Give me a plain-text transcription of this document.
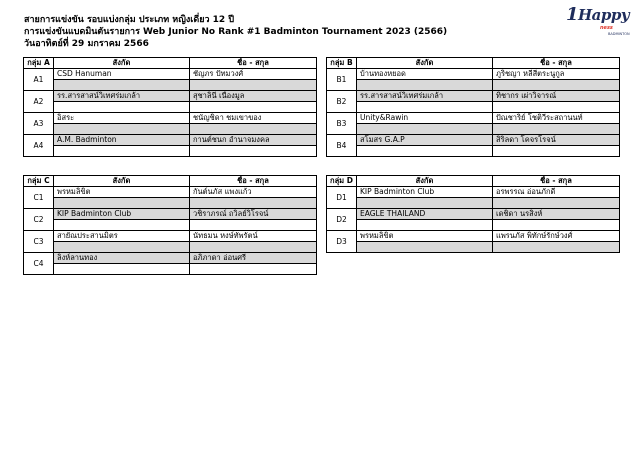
สายการแข่งขัน รอบแบ่งกลุ่ม ประเภท หญิงเดี่ยว 12 ปี
การแข่งขันแบดมินตันรายการ Web Junior No Rank #1 Badminton Tournament 2023 (2566)
วันอาทิตย์ที่ 29 มกราคม 2566
1 Happy
ness
BADMINTON
กลุ่ม A	สังกัด	ชื่อ - สกุล
A1	CSD Hanuman	ชัญภร ปัทมวงศ์

A2	รร.สารสาสน์วิเทศร่มเกล้า	สุชาลินี เนื่องมูล

A3	อิสระ	ชนัญชิดา ชมเขาของ

A4	A.M. Badminton	กานต์ชนก อำนาจมงคล

กลุ่ม B	สังกัด	ชื่อ - สกุล
B1	บ้านทองหยอด	ภูริชญา หลีสีตระนูกูล

B2	รร.สารสาสน์วิเทศร่มเกล้า	ทิชากร เผ่าวิจารณ์

B3	Unity&Rawin	ปัณชาริย์ โชติวีระสถานนท์

B4	สโมสร G.A.P	สิริลดา โคจรโรจน์

กลุ่ม C	สังกัด	ชื่อ - สกุล
C1	พรหมลิขิต	กันต์นภัส แพงแก้ว

C2	KIP Badminton Club	วชิราภรณ์ ถวิลย์วิโรจน์

C3	สายัณประสานมิตร	นัทธมน หงษ์ทัพรัตน์

C4	ลิงห์ลานทอง	อภิภาดา อ่อนศรี

กลุ่ม D	สังกัด	ชื่อ - สกุล
D1	KIP Badminton Club	อรพรรณ อ่อนภักดี

D2	EAGLE THAILAND	เดชิดา นรสิงห์

D3	พรหมลิขิต	แพรนภัส พิทักษ์รักษ์วงศ์
